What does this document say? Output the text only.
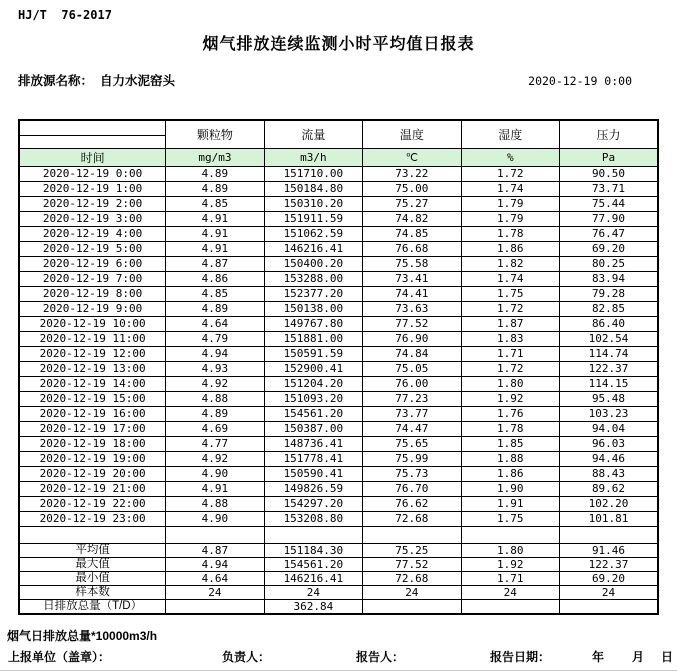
HJ/T  76-2017
烟气排放连续监测小时平均值日报表
排放源名称： 自力水泥窑头	2020-12-19 0:00
	颗粒物	流量	温度	湿度	压力
时间	mg/m3	m3/h	℃	%	Pa
2020-12-19 0:00	4.89	151710.00	73.22	1.72	90.50
2020-12-19 1:00	4.89	150184.80	75.00	1.74	73.71
2020-12-19 2:00	4.85	150310.20	75.27	1.79	75.44
2020-12-19 3:00	4.91	151911.59	74.82	1.79	77.90
2020-12-19 4:00	4.91	151062.59	74.85	1.78	76.47
2020-12-19 5:00	4.91	146216.41	76.68	1.86	69.20
2020-12-19 6:00	4.87	150400.20	75.58	1.82	80.25
2020-12-19 7:00	4.86	153288.00	73.41	1.74	83.94
2020-12-19 8:00	4.85	152377.20	74.41	1.75	79.28
2020-12-19 9:00	4.89	150138.00	73.63	1.72	82.85
2020-12-19 10:00	4.64	149767.80	77.52	1.87	86.40
2020-12-19 11:00	4.79	151881.00	76.90	1.83	102.54
2020-12-19 12:00	4.94	150591.59	74.84	1.71	114.74
2020-12-19 13:00	4.93	152900.41	75.05	1.72	122.37
2020-12-19 14:00	4.92	151204.20	76.00	1.80	114.15
2020-12-19 15:00	4.88	151093.20	77.23	1.92	95.48
2020-12-19 16:00	4.89	154561.20	73.77	1.76	103.23
2020-12-19 17:00	4.69	150387.00	74.47	1.78	94.04
2020-12-19 18:00	4.77	148736.41	75.65	1.85	96.03
2020-12-19 19:00	4.92	151778.41	75.99	1.88	94.46
2020-12-19 20:00	4.90	150590.41	75.73	1.86	88.43
2020-12-19 21:00	4.91	149826.59	76.70	1.90	89.62
2020-12-19 22:00	4.88	154297.20	76.62	1.91	102.20
2020-12-19 23:00	4.90	153208.80	72.68	1.75	101.81

平均值	4.87	151184.30	75.25	1.80	91.46
最大值	4.94	154561.20	77.52	1.92	122.37
最小值	4.64	146216.41	72.68	1.71	69.20
样本数	24	24	24	24	24
日排放总量（T/D）		362.84			
烟气日排放总量*10000m3/h
上报单位（盖章）：	负责人：	报告人：	报告日期：	年 月 日
